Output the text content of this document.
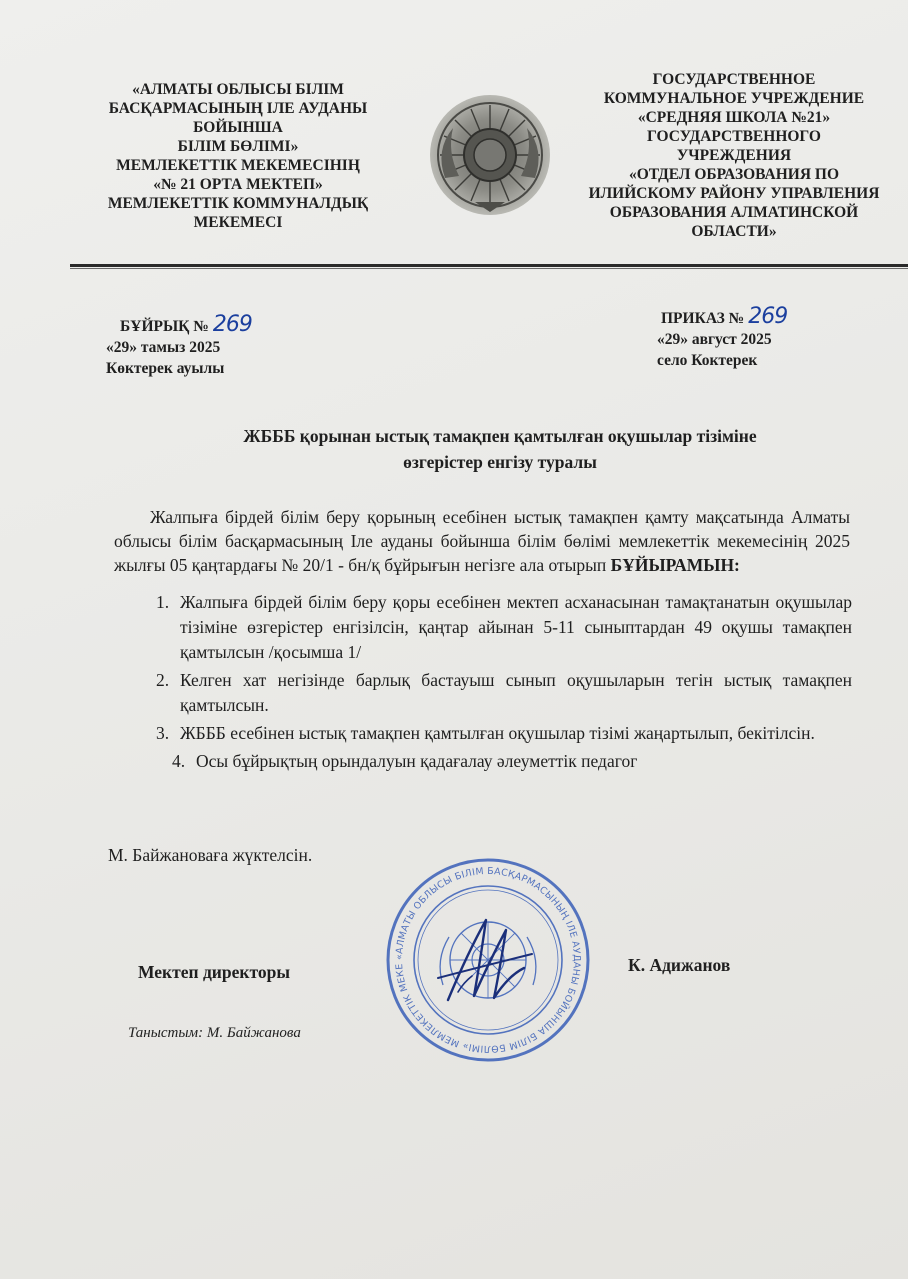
«АЛМАТЫ ОБЛЫСЫ БІЛІМ
БАСҚАРМАСЫНЫҢ ІЛЕ АУДАНЫ
БОЙЫНША
БІЛІМ БӨЛІМІ»
МЕМЛЕКЕТТІК МЕКЕМЕСІНІҢ
«№ 21 ОРТА МЕКТЕП»
МЕМЛЕКЕТТІК КОММУНАЛДЫҚ
МЕКЕМЕСІ
ГОСУДАРСТВЕННОЕ
КОММУНАЛЬНОЕ УЧРЕЖДЕНИЕ
«СРЕДНЯЯ ШКОЛА №21»
ГОСУДАРСТВЕННОГО
УЧРЕЖДЕНИЯ
«ОТДЕЛ ОБРАЗОВАНИЯ ПО
ИЛИЙСКОМУ РАЙОНУ УПРАВЛЕНИЯ
ОБРАЗОВАНИЯ АЛМАТИНСКОЙ
ОБЛАСТИ»
БҰЙРЫҚ № 269
«29» тамыз 2025
Көктерек ауылы
ПРИКАЗ № 269
«29» август 2025
село Коктерек
ЖБББ қорынан ыстық тамақпен қамтылған оқушылар тізіміне
өзгерістер енгізу туралы
Жалпыға бірдей білім беру қорының есебінен ыстық тамақпен қамту мақсатында Алматы облысы білім басқармасының Іле ауданы бойынша білім бөлімі мемлекеттік мекемесінің 2025 жылғы 05 қаңтардағы № 20/1 - бн/қ бұйрығын негізге ала отырып БҰЙЫРАМЫН:
1. Жалпыға бірдей білім беру қоры есебінен мектеп асханасынан тамақтанатын оқушылар тізіміне өзгерістер енгізілсін, қаңтар айынан 5-11 сыныптардан 49 оқушы тамақпен қамтылсын /қосымша 1/
2. Келген хат негізінде барлық бастауыш сынып оқушыларын тегін ыстық тамақпен қамтылсын.
3. ЖБББ есебінен ыстық тамақпен қамтылған оқушылар тізімі жаңартылып, бекітілсін.
4. Осы бұйрықтың орындалуын қадағалау әлеуметтік педагог
М. Байжановаға жүктелсін.
«АЛМАТЫ ОБЛЫСЫ БІЛІМ БАСҚАРМАСЫНЫҢ ІЛЕ АУДАНЫ БОЙЫНША БІЛІМ БӨЛІМІ» МЕМЛЕКЕТТІК МЕКЕ
Мектеп директоры	К. Адижанов
Таныстым: М. Байжанова
